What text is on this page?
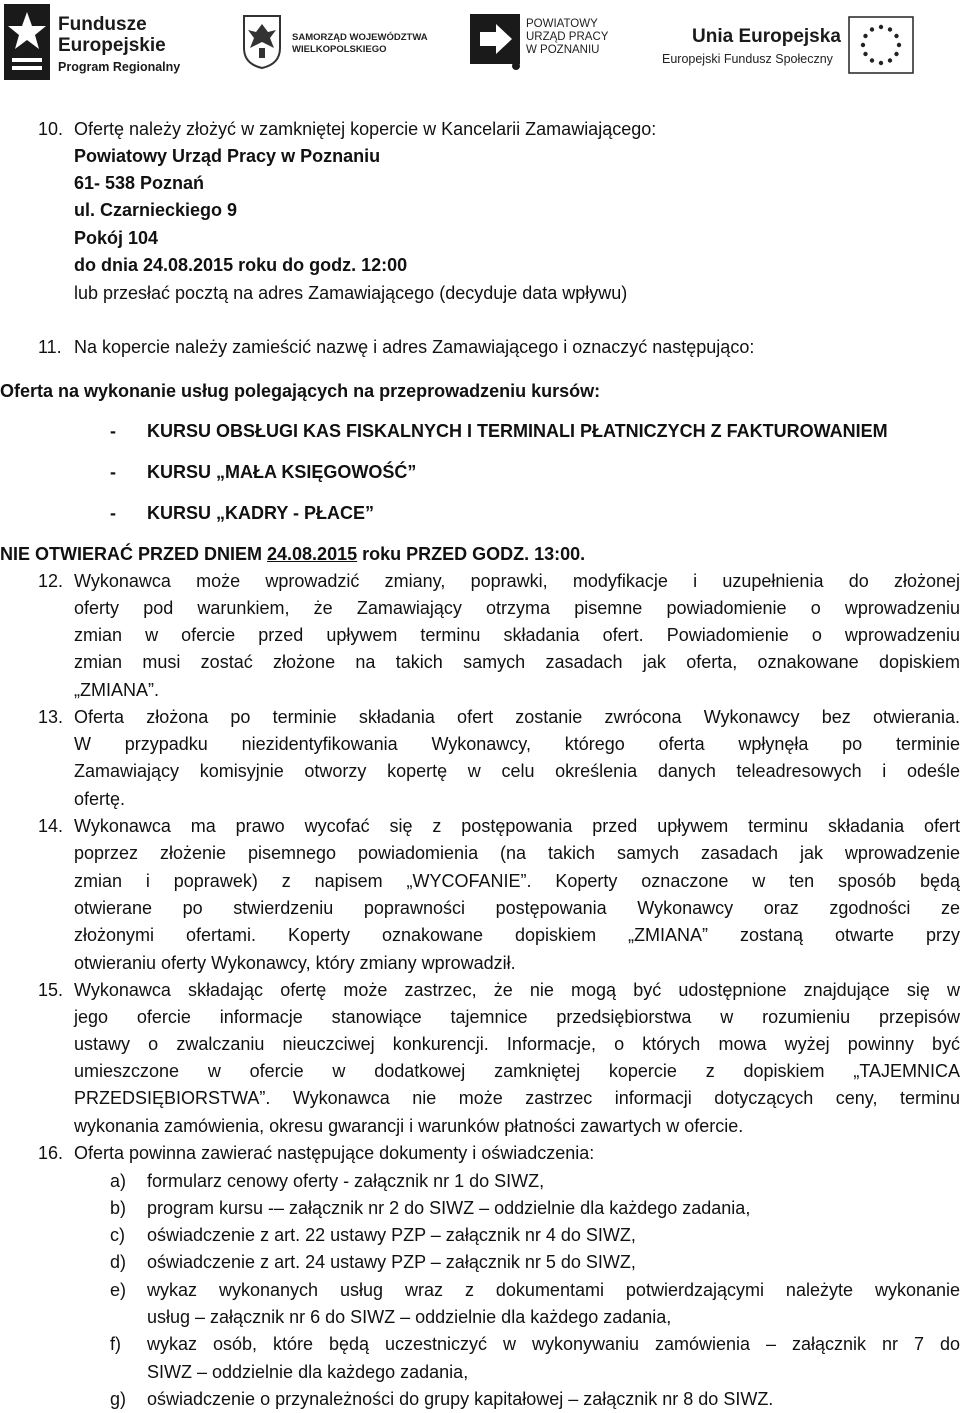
Fundusze
Europejskie
Program Regionalny
SAMORZĄD WOJEWÓDZTWA
WIELKOPOLSKIEGO
POWIATOWY
URZĄD PRACY
W POZNANIU
Unia Europejska
Europejski Fundusz Społeczny
10. Ofertę należy złożyć w zamkniętej kopercie w Kancelarii Zamawiającego:
Powiatowy Urząd Pracy w Poznaniu
61- 538 Poznań
ul. Czarnieckiego 9
Pokój 104
do dnia 24.08.2015 roku do godz. 12:00
lub przesłać pocztą na adres Zamawiającego (decyduje data wpływu)
11. Na kopercie należy zamieścić nazwę i adres Zamawiającego i oznaczyć następująco:
Oferta na wykonanie usług polegających na przeprowadzeniu kursów:
- KURSU OBSŁUGI KAS FISKALNYCH I TERMINALI PŁATNICZYCH Z FAKTUROWANIEM
- KURSU „MAŁA KSIĘGOWOŚĆ”
- KURSU „KADRY - PŁACE”
NIE OTWIERAĆ PRZED DNIEM 24.08.2015 roku PRZED GODZ. 13:00.
12. Wykonawca może wprowadzić zmiany, poprawki, modyfikacje i uzupełnienia do złożonej
oferty pod warunkiem, że Zamawiający otrzyma pisemne powiadomienie o wprowadzeniu
zmian w ofercie przed upływem terminu składania ofert. Powiadomienie o wprowadzeniu
zmian musi zostać złożone na takich samych zasadach jak oferta, oznakowane dopiskiem
„ZMIANA”.
13. Oferta złożona po terminie składania ofert zostanie zwrócona Wykonawcy bez otwierania.
W przypadku niezidentyfikowania Wykonawcy, którego oferta wpłynęła po terminie
Zamawiający komisyjnie otworzy kopertę w celu określenia danych teleadresowych i odeśle
ofertę.
14. Wykonawca ma prawo wycofać się z postępowania przed upływem terminu składania ofert
poprzez złożenie pisemnego powiadomienia (na takich samych zasadach jak wprowadzenie
zmian i poprawek) z napisem „WYCOFANIE”. Koperty oznaczone w ten sposób będą
otwierane po stwierdzeniu poprawności postępowania Wykonawcy oraz zgodności ze
złożonymi ofertami. Koperty oznakowane dopiskiem „ZMIANA” zostaną otwarte przy
otwieraniu oferty Wykonawcy, który zmiany wprowadził.
15. Wykonawca składając ofertę może zastrzec, że nie mogą być udostępnione znajdujące się w
jego ofercie informacje stanowiące tajemnice przedsiębiorstwa w rozumieniu przepisów
ustawy o zwalczaniu nieuczciwej konkurencji. Informacje, o których mowa wyżej powinny być
umieszczone w ofercie w dodatkowej zamkniętej kopercie z dopiskiem „TAJEMNICA
PRZEDSIĘBIORSTWA”. Wykonawca nie może zastrzec informacji dotyczących ceny, terminu
wykonania zamówienia, okresu gwarancji i warunków płatności zawartych w ofercie.
16. Oferta powinna zawierać następujące dokumenty i oświadczenia:
a) formularz cenowy oferty - załącznik nr 1 do SIWZ,
b) program kursu -– załącznik nr 2 do SIWZ – oddzielnie dla każdego zadania,
c) oświadczenie z art. 22 ustawy PZP – załącznik nr 4 do SIWZ,
d) oświadczenie z art. 24 ustawy PZP – załącznik nr 5 do SIWZ,
e) wykaz wykonanych usług wraz z dokumentami potwierdzającymi należyte wykonanie
usług – załącznik nr 6 do SIWZ – oddzielnie dla każdego zadania,
f) wykaz osób, które będą uczestniczyć w wykonywaniu zamówienia – załącznik nr 7 do
SIWZ – oddzielnie dla każdego zadania,
g) oświadczenie o przynależności do grupy kapitałowej – załącznik nr 8 do SIWZ.
